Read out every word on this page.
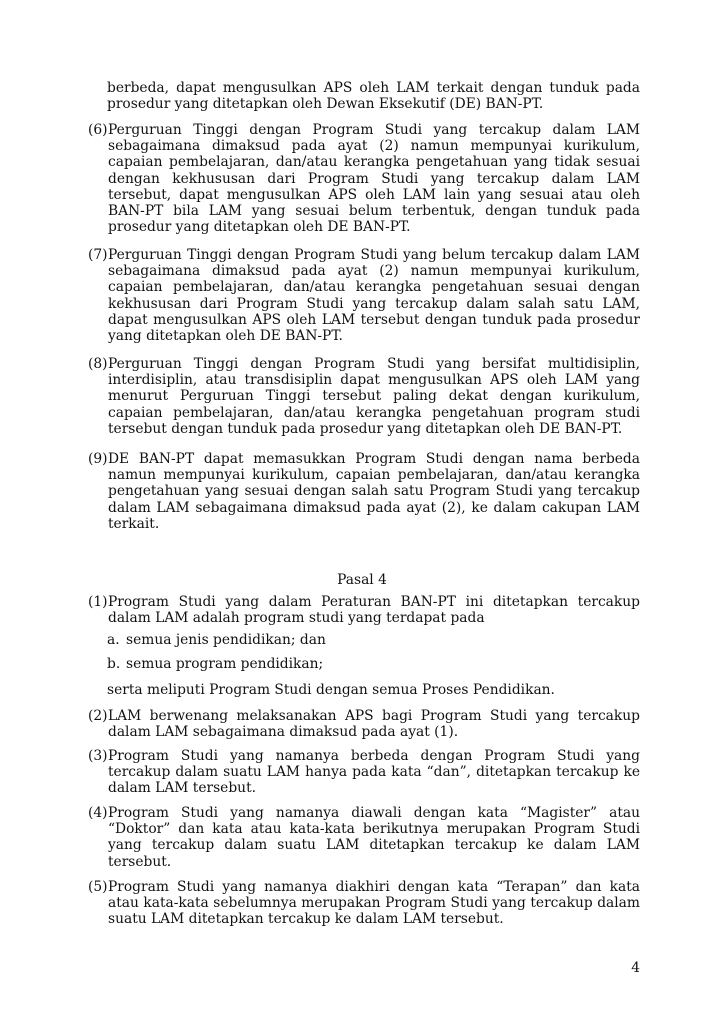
berbeda, dapat mengusulkan APS oleh LAM terkait dengan tunduk pada prosedur yang ditetapkan oleh Dewan Eksekutif (DE) BAN-PT.

(6) Perguruan Tinggi dengan Program Studi yang tercakup dalam LAM sebagaimana dimaksud pada ayat (2) namun mempunyai kurikulum, capaian pembelajaran, dan/atau kerangka pengetahuan yang tidak sesuai dengan kekhususan dari Program Studi yang tercakup dalam LAM tersebut, dapat mengusulkan APS oleh LAM lain yang sesuai atau oleh BAN-PT bila LAM yang sesuai belum terbentuk, dengan tunduk pada prosedur yang ditetapkan oleh DE BAN-PT.
(7) Perguruan Tinggi dengan Program Studi yang belum tercakup dalam LAM sebagaimana dimaksud pada ayat (2) namun mempunyai kurikulum, capaian pembelajaran, dan/atau kerangka pengetahuan sesuai dengan kekhususan dari Program Studi yang tercakup dalam salah satu LAM, dapat mengusulkan APS oleh LAM tersebut dengan tunduk pada prosedur yang ditetapkan oleh DE BAN-PT.
(8) Perguruan Tinggi dengan Program Studi yang bersifat multidisiplin, interdisiplin, atau transdisiplin dapat mengusulkan APS oleh LAM yang menurut Perguruan Tinggi tersebut paling dekat dengan kurikulum, capaian pembelajaran, dan/atau kerangka pengetahuan program studi tersebut dengan tunduk pada prosedur yang ditetapkan oleh DE BAN-PT.
(9) DE BAN-PT dapat memasukkan Program Studi dengan nama berbeda namun mempunyai kurikulum, capaian pembelajaran, dan/atau kerangka pengetahuan yang sesuai dengan salah satu Program Studi yang tercakup dalam LAM sebagaimana dimaksud pada ayat (2), ke dalam cakupan LAM terkait.

Pasal 4

(1) Program Studi yang dalam Peraturan BAN-PT ini ditetapkan tercakup dalam LAM adalah program studi yang terdapat pada
a. semua jenis pendidikan; dan
b. semua program pendidikan;

serta meliputi Program Studi dengan semua Proses Pendidikan.

(2) LAM berwenang melaksanakan APS bagi Program Studi yang tercakup dalam LAM sebagaimana dimaksud pada ayat (1).
(3) Program Studi yang namanya berbeda dengan Program Studi yang tercakup dalam suatu LAM hanya pada kata “dan”, ditetapkan tercakup ke dalam LAM tersebut.
(4) Program Studi yang namanya diawali dengan kata “Magister” atau “Doktor” dan kata atau kata-kata berikutnya merupakan Program Studi yang tercakup dalam suatu LAM ditetapkan tercakup ke dalam LAM tersebut.
(5) Program Studi yang namanya diakhiri dengan kata “Terapan” dan kata atau kata-kata sebelumnya merupakan Program Studi yang tercakup dalam suatu LAM ditetapkan tercakup ke dalam LAM tersebut.

4
